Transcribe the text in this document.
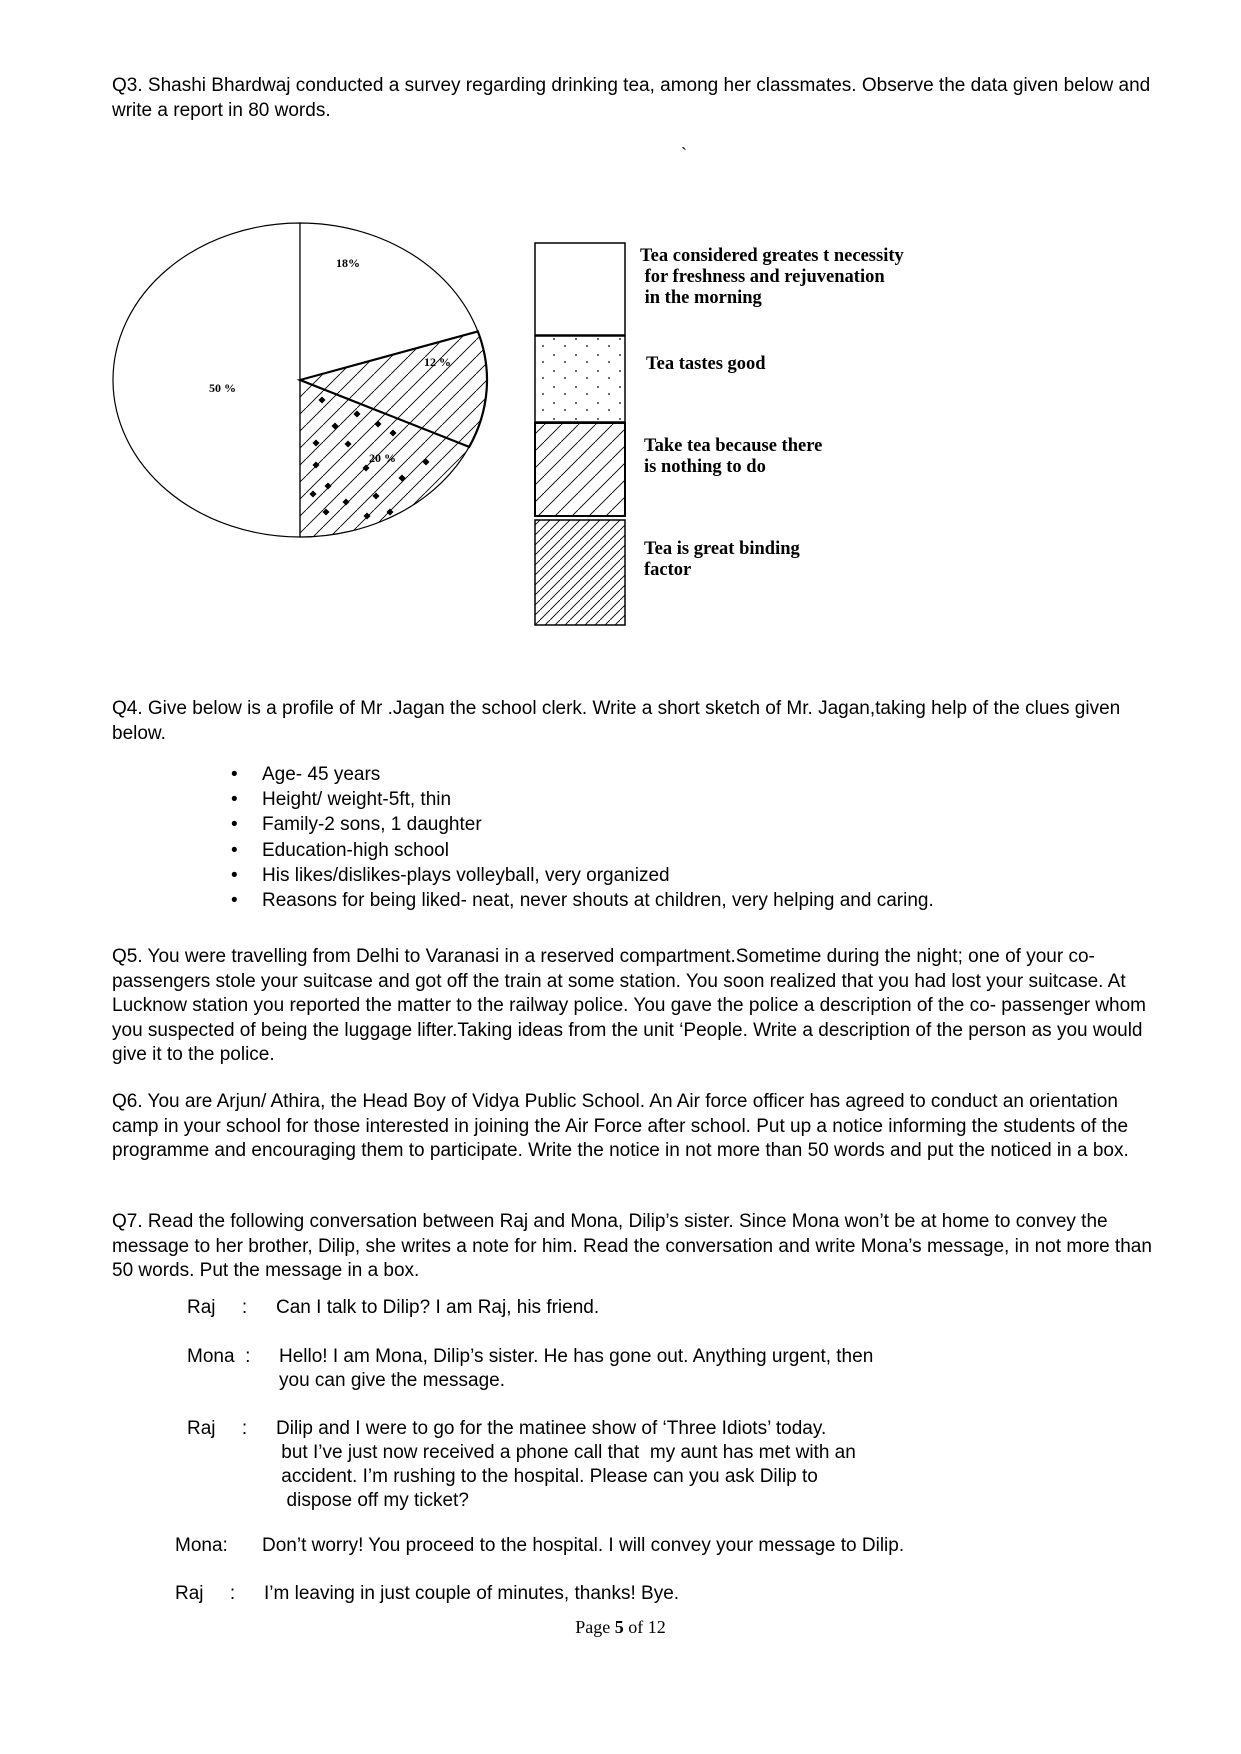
Q3. Shashi Bhardwaj conducted a survey regarding drinking tea, among her classmates. Observe the data given below and write a report in 80 words.

`
50 %
20 %
12 %
18%	Tea considered greates t necessity
for freshness and rejuvenation
in the morning
Tea tastes good
Take tea because there
is nothing to do
Tea is great binding
factor

Q4. Give below is a profile of Mr .Jagan the school clerk. Write a short sketch of Mr. Jagan,taking help of the clues given below.

• Age- 45 years
• Height/ weight-5ft, thin
• Family-2 sons, 1 daughter
• Education-high school
• His likes/dislikes-plays volleyball, very organized
• Reasons for being liked- neat, never shouts at children, very helping and caring.

Q5. You were travelling from Delhi to Varanasi in a reserved compartment.Sometime during the night; one of your co-passengers stole your suitcase and got off the train at some station. You soon realized that you had lost your suitcase. At Lucknow station you reported the matter to the railway police. You gave the police a description of the co- passenger whom you suspected of being the luggage lifter.Taking ideas from the unit ‘People. Write a description of the person as you would give it to the police.

Q6. You are Arjun/ Athira, the Head Boy of Vidya Public School. An Air force officer has agreed to conduct an orientation camp in your school for those interested in joining the Air Force after school. Put up a notice informing the students of the programme and encouraging them to participate. Write the notice in not more than 50 words and put the noticed in a box.

Q7. Read the following conversation between Raj and Mona, Dilip’s sister. Since Mona won’t be at home to convey the message to her brother, Dilip, she writes a note for him. Read the conversation and write Mona’s message, in not more than 50 words. Put the message in a box.

Raj     : Can I talk to Dilip? I am Raj, his friend.
Mona  : Hello! I am Mona, Dilip’s sister. He has gone out. Anything urgent, then
you can give the message.
Raj     : Dilip and I were to go for the matinee show of ‘Three Idiots’ today.
but I’ve just now received a phone call that  my aunt has met with an
accident. I’m rushing to the hospital. Please can you ask Dilip to
dispose off my ticket?
Mona: Don’t worry! You proceed to the hospital. I will convey your message to Dilip.
Raj     : I’m leaving in just couple of minutes, thanks! Bye.
Page 5 of 12
